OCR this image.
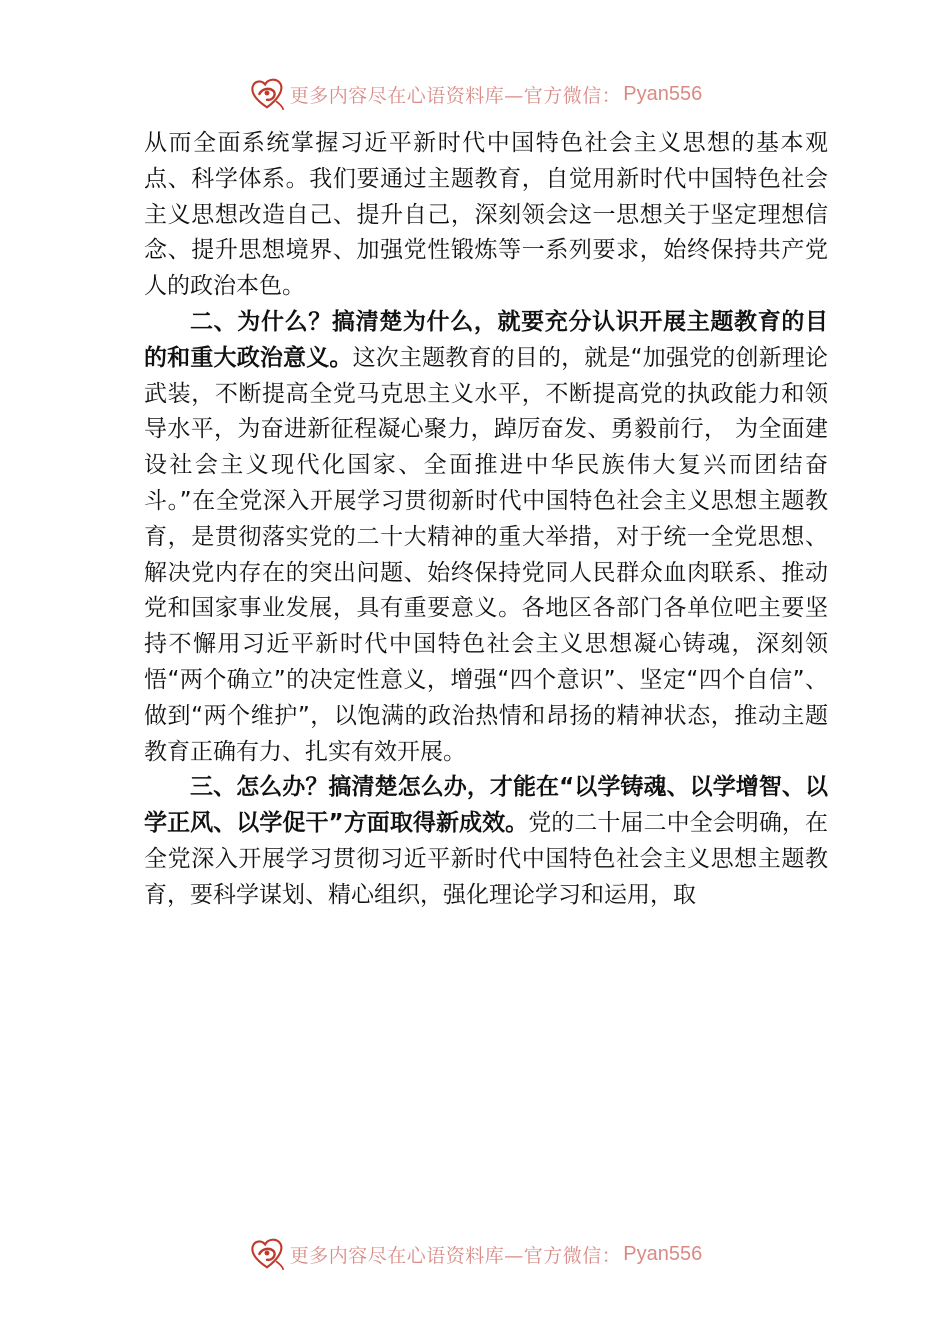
更多内容尽在心语资料库—官方微信： Pyan556

从而全面系统掌握习近平新时代中国特色社会主义思想的基本观点、科学体系。我们要通过主题教育，自觉用新时代中国特色社会主义思想改造自己、提升自己，深刻领会这一思想关于坚定理想信念、提升思想境界、加强党性锻炼等一系列要求，始终保持共产党人的政治本色。

二、为什么？搞清楚为什么，就要充分认识开展主题教育的目的和重大政治意义。这次主题教育的目的，就是“加强党的创新理论武装，不断提高全党马克思主义水平，不断提高党的执政能力和领导水平，为奋进新征程凝心聚力，踔厉奋发、勇毅前行， 为全面建设社会主义现代化国家、全面推进中华民族伟大复兴而团结奋斗。”在全党深入开展学习贯彻新时代中国特色社会主义思想主题教育，是贯彻落实党的二十大精神的重大举措，对于统一全党思想、解决党内存在的突出问题、始终保持党同人民群众血肉联系、推动党和国家事业发展，具有重要意义。各地区各部门各单位吧主要坚持不懈用习近平新时代中国特色社会主义思想凝心铸魂，深刻领悟“两个确立”的决定性意义，增强“四个意识”、坚定“四个自信”、做到“两个维护”，以饱满的政治热情和昂扬的精神状态，推动主题教育正确有力、扎实有效开展。

三、怎么办？搞清楚怎么办，才能在“以学铸魂、以学增智、以学正风、以学促干”方面取得新成效。党的二十届二中全会明确，在全党深入开展学习贯彻习近平新时代中国特色社会主义思想主题教育，要科学谋划、精心组织，强化理论学习和运用，取

更多内容尽在心语资料库—官方微信： Pyan556
